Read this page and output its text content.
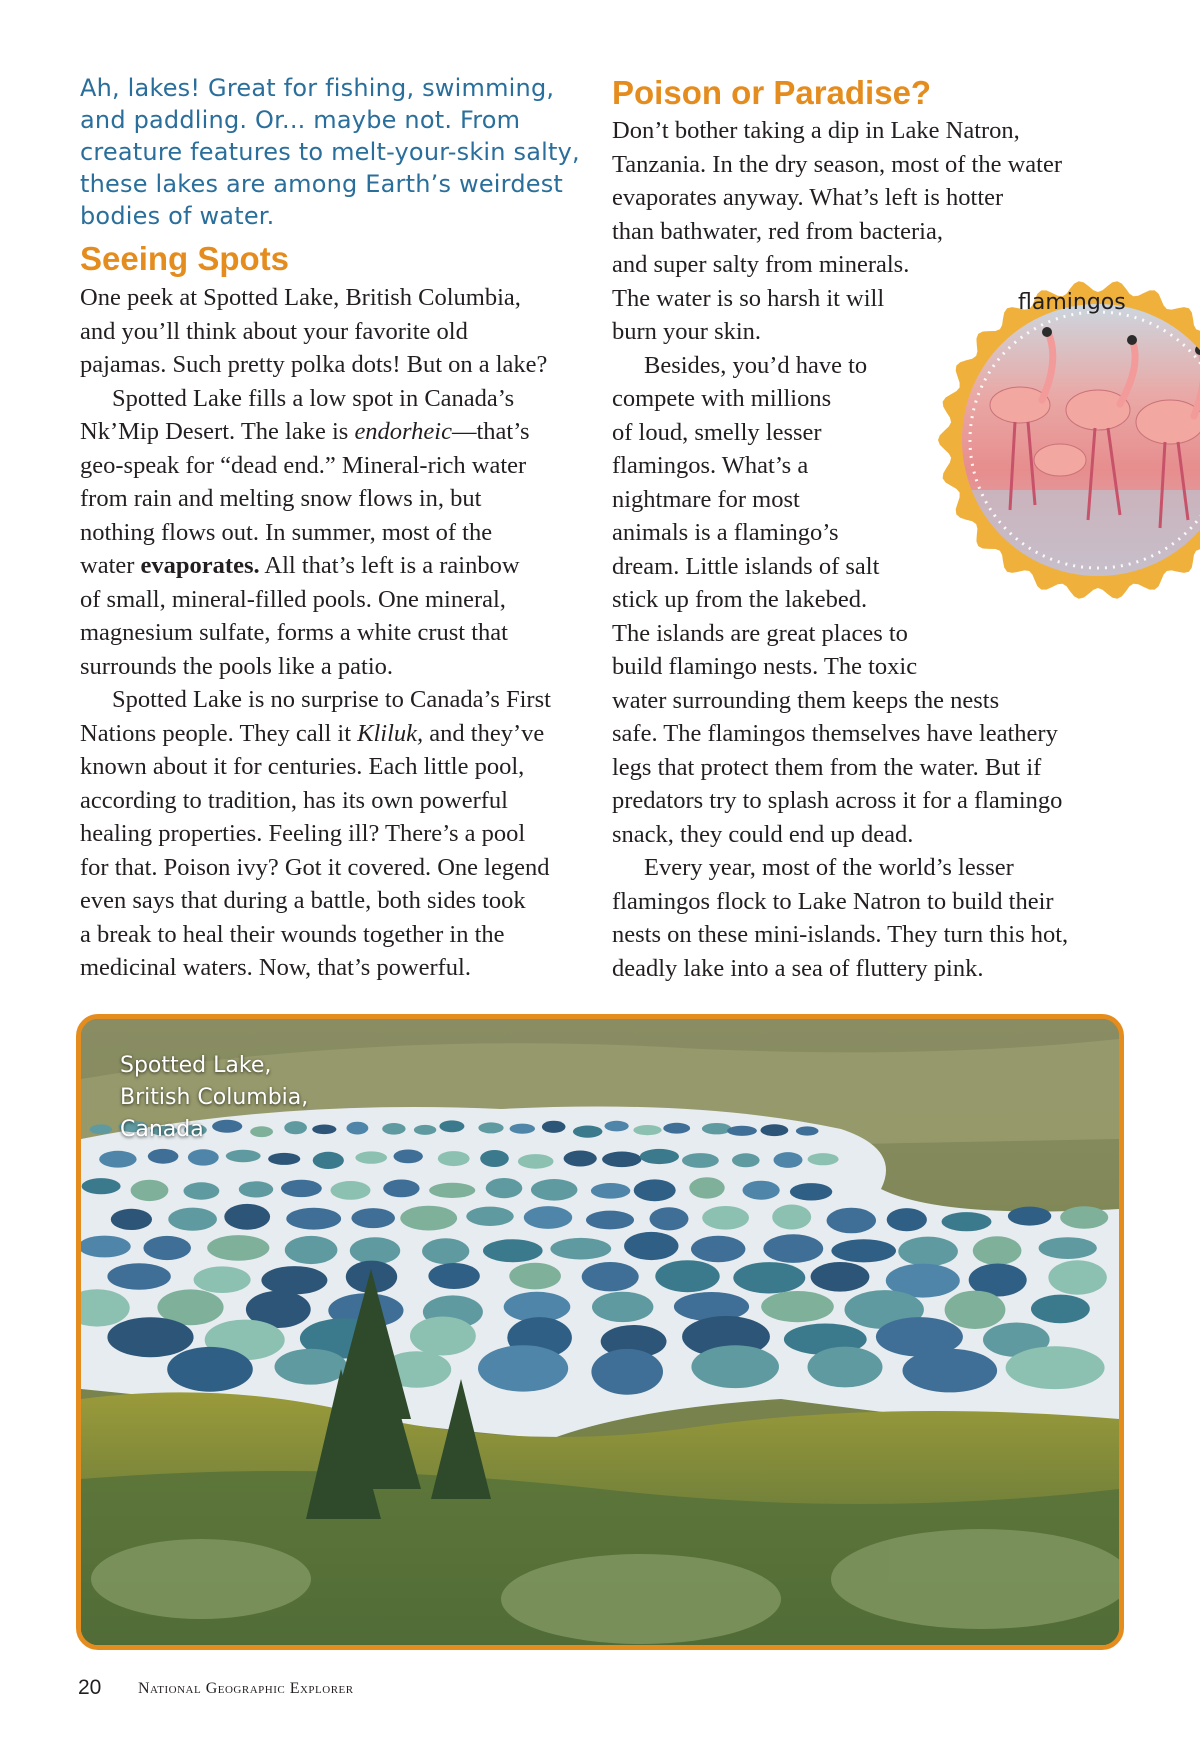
Ah, lakes! Great for fishing, swimming,
and paddling. Or... maybe not. From
creature features to melt-your-skin salty,
these lakes are among Earth’s weirdest
bodies of water.
Seeing Spots

One peek at Spotted Lake, British Columbia,
and you’ll think about your favorite old
pajamas. Such pretty polka dots! But on a lake?

Spotted Lake fills a low spot in Canada’s
Nk’Mip Desert. The lake is endorheic—that’s
geo-speak for “dead end.” Mineral-rich water
from rain and melting snow flows in, but
nothing flows out. In summer, most of the
water evaporates. All that’s left is a rainbow
of small, mineral-filled pools. One mineral,
magnesium sulfate, forms a white crust that
surrounds the pools like a patio.

Spotted Lake is no surprise to Canada’s First
Nations people. They call it Kliluk, and they’ve
known about it for centuries. Each little pool,
according to tradition, has its own powerful
healing properties. Feeling ill? There’s a pool
for that. Poison ivy? Got it covered. One legend
even says that during a battle, both sides took
a break to heal their wounds together in the
medicinal waters. Now, that’s powerful.

Poison or Paradise?

Don’t bother taking a dip in Lake Natron,
Tanzania. In the dry season, most of the water
evaporates anyway. What’s left is hotter
than bathwater, red from bacteria,
and super salty from minerals.
The water is so harsh it will
burn your skin.

Besides, you’d have to
compete with millions
of loud, smelly lesser
flamingos. What’s a
nightmare for most
animals is a flamingo’s
dream. Little islands of salt
stick up from the lakebed.
The islands are great places to
build flamingo nests. The toxic
water surrounding them keeps the nests
safe. The flamingos themselves have leathery
legs that protect them from the water. But if
predators try to splash across it for a flamingo
snack, they could end up dead.

Every year, most of the world’s lesser
flamingos flock to Lake Natron to build their
nests on these mini-islands. They turn this hot,
deadly lake into a sea of fluttery pink.

flamingos
Spotted Lake,
British Columbia,
Canada
20 National Geographic Explorer
